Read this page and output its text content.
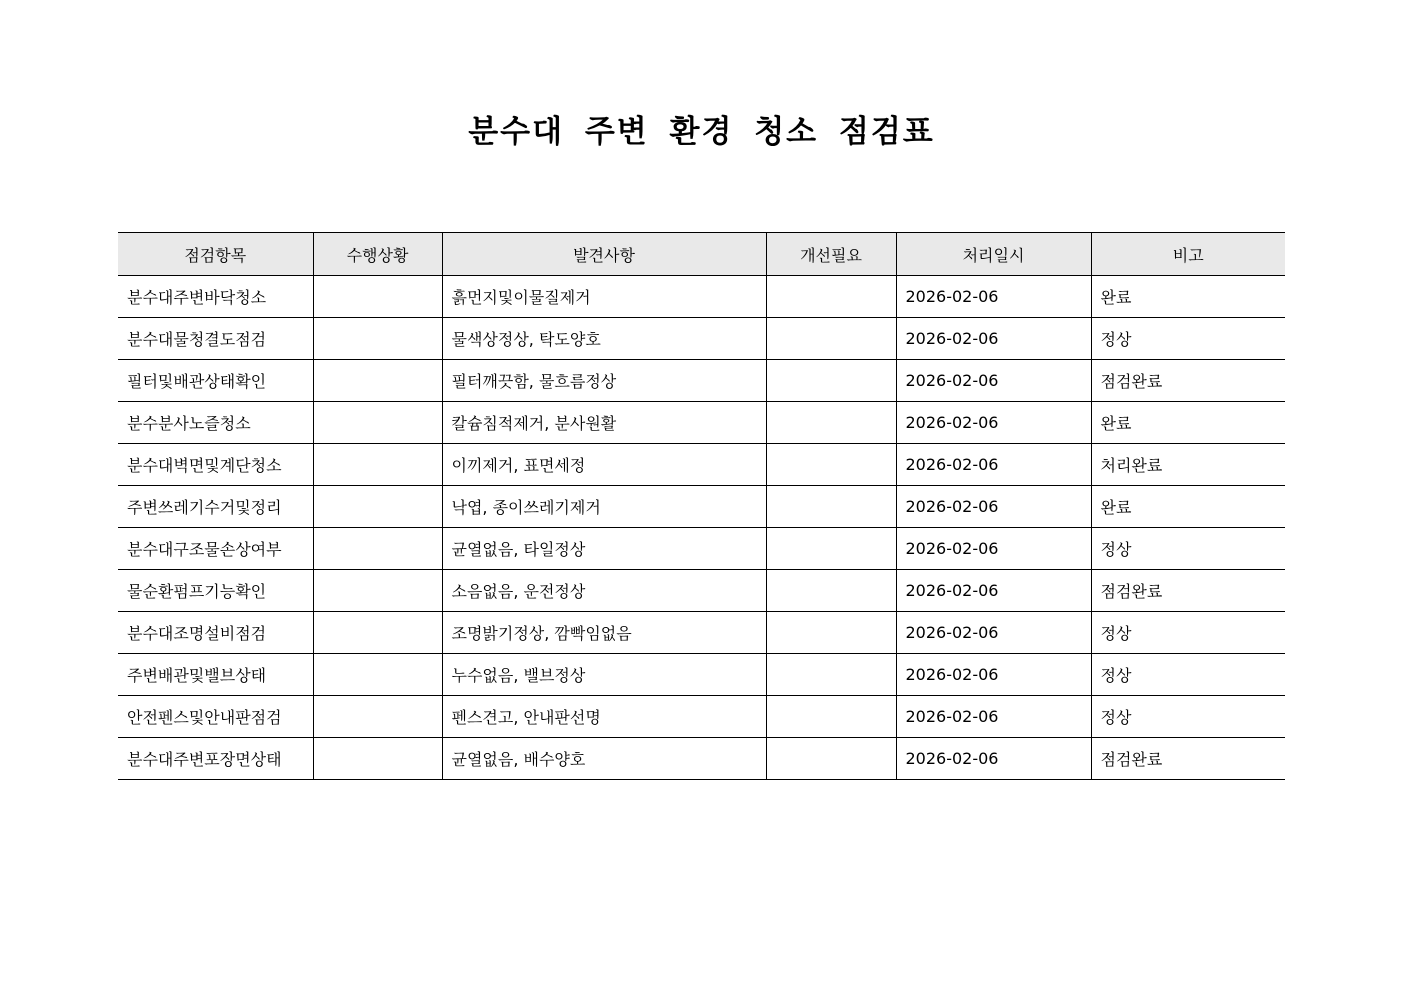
분수대 주변 환경 청소 점검표
점검항목	수행상황	발견사항	개선필요	처리일시	비고
분수대주변바닥청소		흙먼지및이물질제거		2026-02-06	완료
분수대물청결도점검		물색상정상, 탁도양호		2026-02-06	정상
필터및배관상태확인		필터깨끗함, 물흐름정상		2026-02-06	점검완료
분수분사노즐청소		칼슘침적제거, 분사원활		2026-02-06	완료
분수대벽면및계단청소		이끼제거, 표면세정		2026-02-06	처리완료
주변쓰레기수거및정리		낙엽, 종이쓰레기제거		2026-02-06	완료
분수대구조물손상여부		균열없음, 타일정상		2026-02-06	정상
물순환펌프기능확인		소음없음, 운전정상		2026-02-06	점검완료
분수대조명설비점검		조명밝기정상, 깜빡임없음		2026-02-06	정상
주변배관및밸브상태		누수없음, 밸브정상		2026-02-06	정상
안전펜스및안내판점검		펜스견고, 안내판선명		2026-02-06	정상
분수대주변포장면상태		균열없음, 배수양호		2026-02-06	점검완료
